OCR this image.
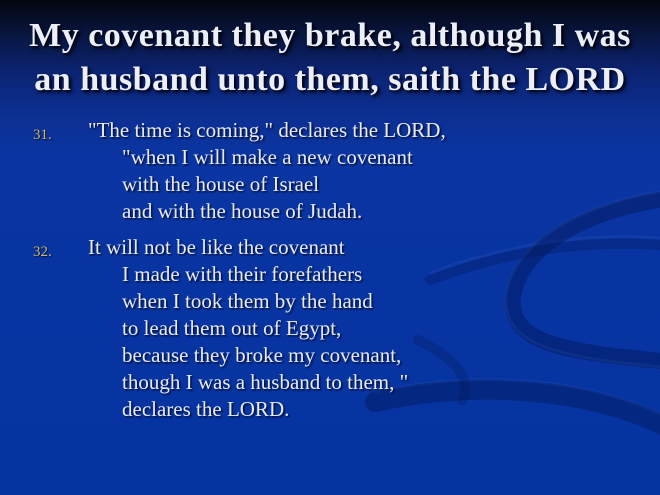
My covenant they brake, although I was
an husband unto them, saith the LORD
31.	"The time is coming," declares the LORD,
"when I will make a new covenant
with the house of Israel
and with the house of Judah.
32.	It will not be like the covenant
I made with their forefathers
when I took them by the hand
to lead them out of Egypt,
because they broke my covenant,
though I was a husband to them, "
declares the LORD.
